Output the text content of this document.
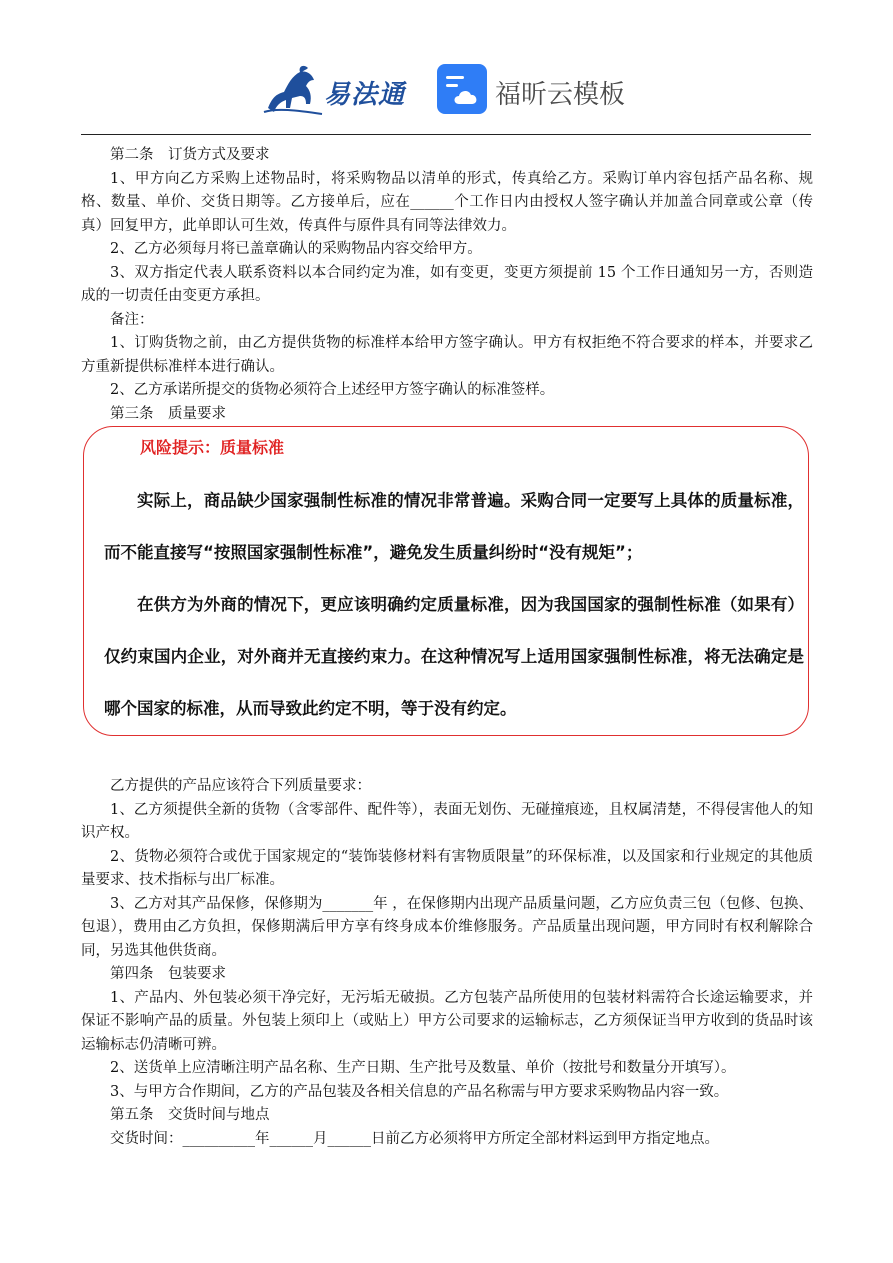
易法通	福昕云模板

第二条　订货方式及要求

1、甲方向乙方采购上述物品时，将采购物品以清单的形式，传真给乙方。采购订单内容包括产品名称、规格、数量、单价、交货日期等。乙方接单后，应在______个工作日内由授权人签字确认并加盖合同章或公章（传真）回复甲方，此单即认可生效，传真件与原件具有同等法律效力。

2、乙方必须每月将已盖章确认的采购物品内容交给甲方。

3、双方指定代表人联系资料以本合同约定为准，如有变更，变更方须提前 15 个工作日通知另一方，否则造成的一切责任由变更方承担。

备注：

1、订购货物之前，由乙方提供货物的标准样本给甲方签字确认。甲方有权拒绝不符合要求的样本，并要求乙方重新提供标准样本进行确认。

2、乙方承诺所提交的货物必须符合上述经甲方签字确认的标准签样。

第三条　质量要求

风险提示：质量标准

实际上，商品缺少国家强制性标准的情况非常普遍。采购合同一定要写上具体的质量标准，而不能直接写“按照国家强制性标准”，避免发生质量纠纷时“没有规矩”；

在供方为外商的情况下，更应该明确约定质量标准，因为我国国家的强制性标准（如果有）仅约束国内企业，对外商并无直接约束力。在这种情况写上适用国家强制性标准，将无法确定是哪个国家的标准，从而导致此约定不明，等于没有约定。

乙方提供的产品应该符合下列质量要求：

1、乙方须提供全新的货物（含零部件、配件等），表面无划伤、无碰撞痕迹，且权属清楚，不得侵害他人的知识产权。

2、货物必须符合或优于国家规定的“装饰装修材料有害物质限量”的环保标准，以及国家和行业规定的其他质量要求、技术指标与出厂标准。

3、乙方对其产品保修，保修期为_______年 ，在保修期内出现产品质量问题，乙方应负责三包（包修、包换、包退），费用由乙方负担，保修期满后甲方享有终身成本价维修服务。产品质量出现问题，甲方同时有权利解除合同，另选其他供货商。

第四条　包装要求

1、产品内、外包装必须干净完好，无污垢无破损。乙方包装产品所使用的包装材料需符合长途运输要求，并保证不影响产品的质量。外包装上须印上（或贴上）甲方公司要求的运输标志，乙方须保证当甲方收到的货品时该运输标志仍清晰可辨。

2、送货单上应清晰注明产品名称、生产日期、生产批号及数量、单价（按批号和数量分开填写）。

3、与甲方合作期间，乙方的产品包装及各相关信息的产品名称需与甲方要求采购物品内容一致。

第五条　交货时间与地点

交货时间：__________年______月______日前乙方必须将甲方所定全部材料运到甲方指定地点。
